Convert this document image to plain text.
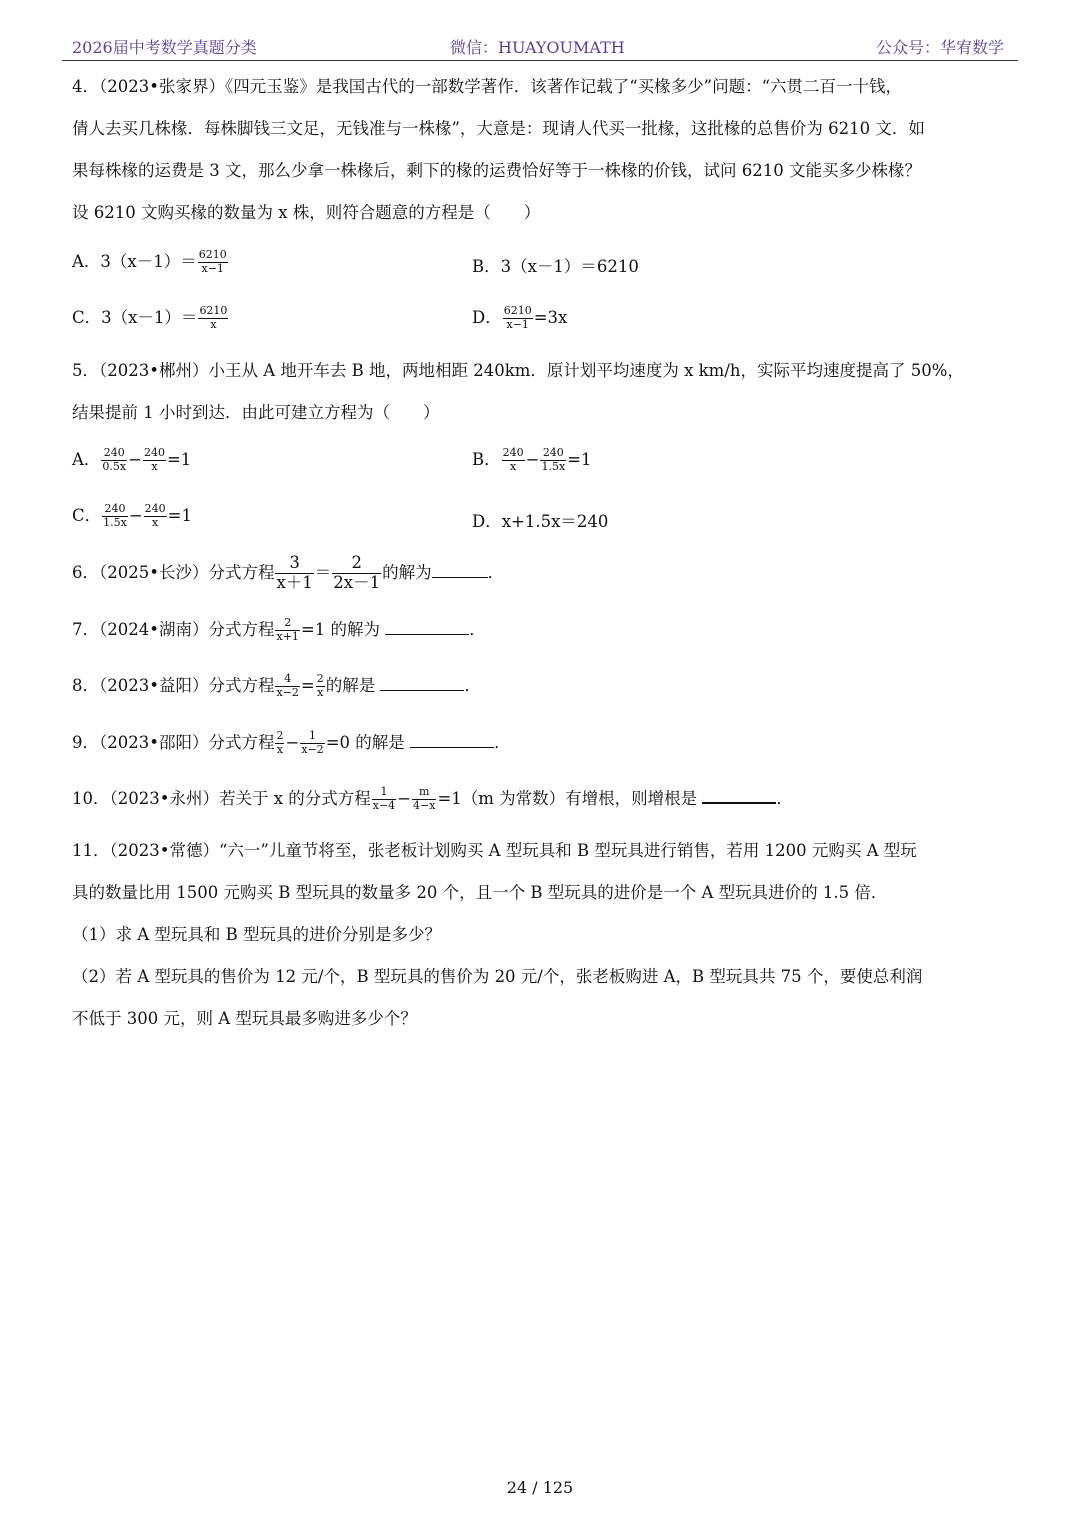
2026届中考数学真题分类	微信：HUAYOUMATH	公众号：华宥数学

4．（2023•张家界）《四元玉鉴》是我国古代的一部数学著作．该著作记载了“买椽多少”问题：“六贯二百一十钱，

倩人去买几株椽．每株脚钱三文足，无钱准与一株椽”，大意是：现请人代买一批椽，这批椽的总售价为 6210 文．如

果每株椽的运费是 3 文，那么少拿一株椽后，剩下的椽的运费恰好等于一株椽的价钱，试问 6210 文能买多少株椽？

设 6210 文购买椽的数量为 x 株，则符合题意的方程是（　　）

A．$3(x-1)= \frac{6210}{x-1}$	B．3（x－1）＝6210
C．$3(x-1)= \frac{6210}{x}$	D． $\frac{6210}{x-1} =3x$

5．（2023•郴州）小王从 A 地开车去 B 地，两地相距 240km．原计划平均速度为 x km/h，实际平均速度提高了 50%，

结果提前 1 小时到达．由此可建立方程为（　　）

A． $\frac{240}{0.5x} - \frac{240}{x} =1$	B． $\frac{240}{x} - \frac{240}{1.5x} =1$
C． $\frac{240}{1.5x} - \frac{240}{x} =1$	D．x+1.5x＝240
6．（2025•长沙）分式方程 $\frac{3}{x+1} = \frac{2}{2x-1}$ 的解为	．
7．（2024•湖南）分式方程 $\frac{2}{x+1} =1$ 的解为	．
8．（2023•益阳）分式方程 $\frac{4}{x-2} = \frac{2}{x}$ 的解是	．
9．（2023•邵阳）分式方程 $\frac{2}{x} - \frac{1}{x-2} =0$ 的解是	．
10．（2023•永州）若关于 x 的分式方程 $\frac{1}{x-4} - \frac{m}{4-x} =1(m$ 为常数）有增根，则增根是	．

11．（2023•常德）“六一”儿童节将至，张老板计划购买 A 型玩具和 B 型玩具进行销售，若用 1200 元购买 A 型玩

具的数量比用 1500 元购买 B 型玩具的数量多 20 个，且一个 B 型玩具的进价是一个 A 型玩具进价的 1.5 倍．

（1）求 A 型玩具和 B 型玩具的进价分别是多少？

（2）若 A 型玩具的售价为 12 元/个，B 型玩具的售价为 20 元/个，张老板购进 A，B 型玩具共 75 个，要使总利润

不低于 300 元，则 A 型玩具最多购进多少个？

24 / 125
